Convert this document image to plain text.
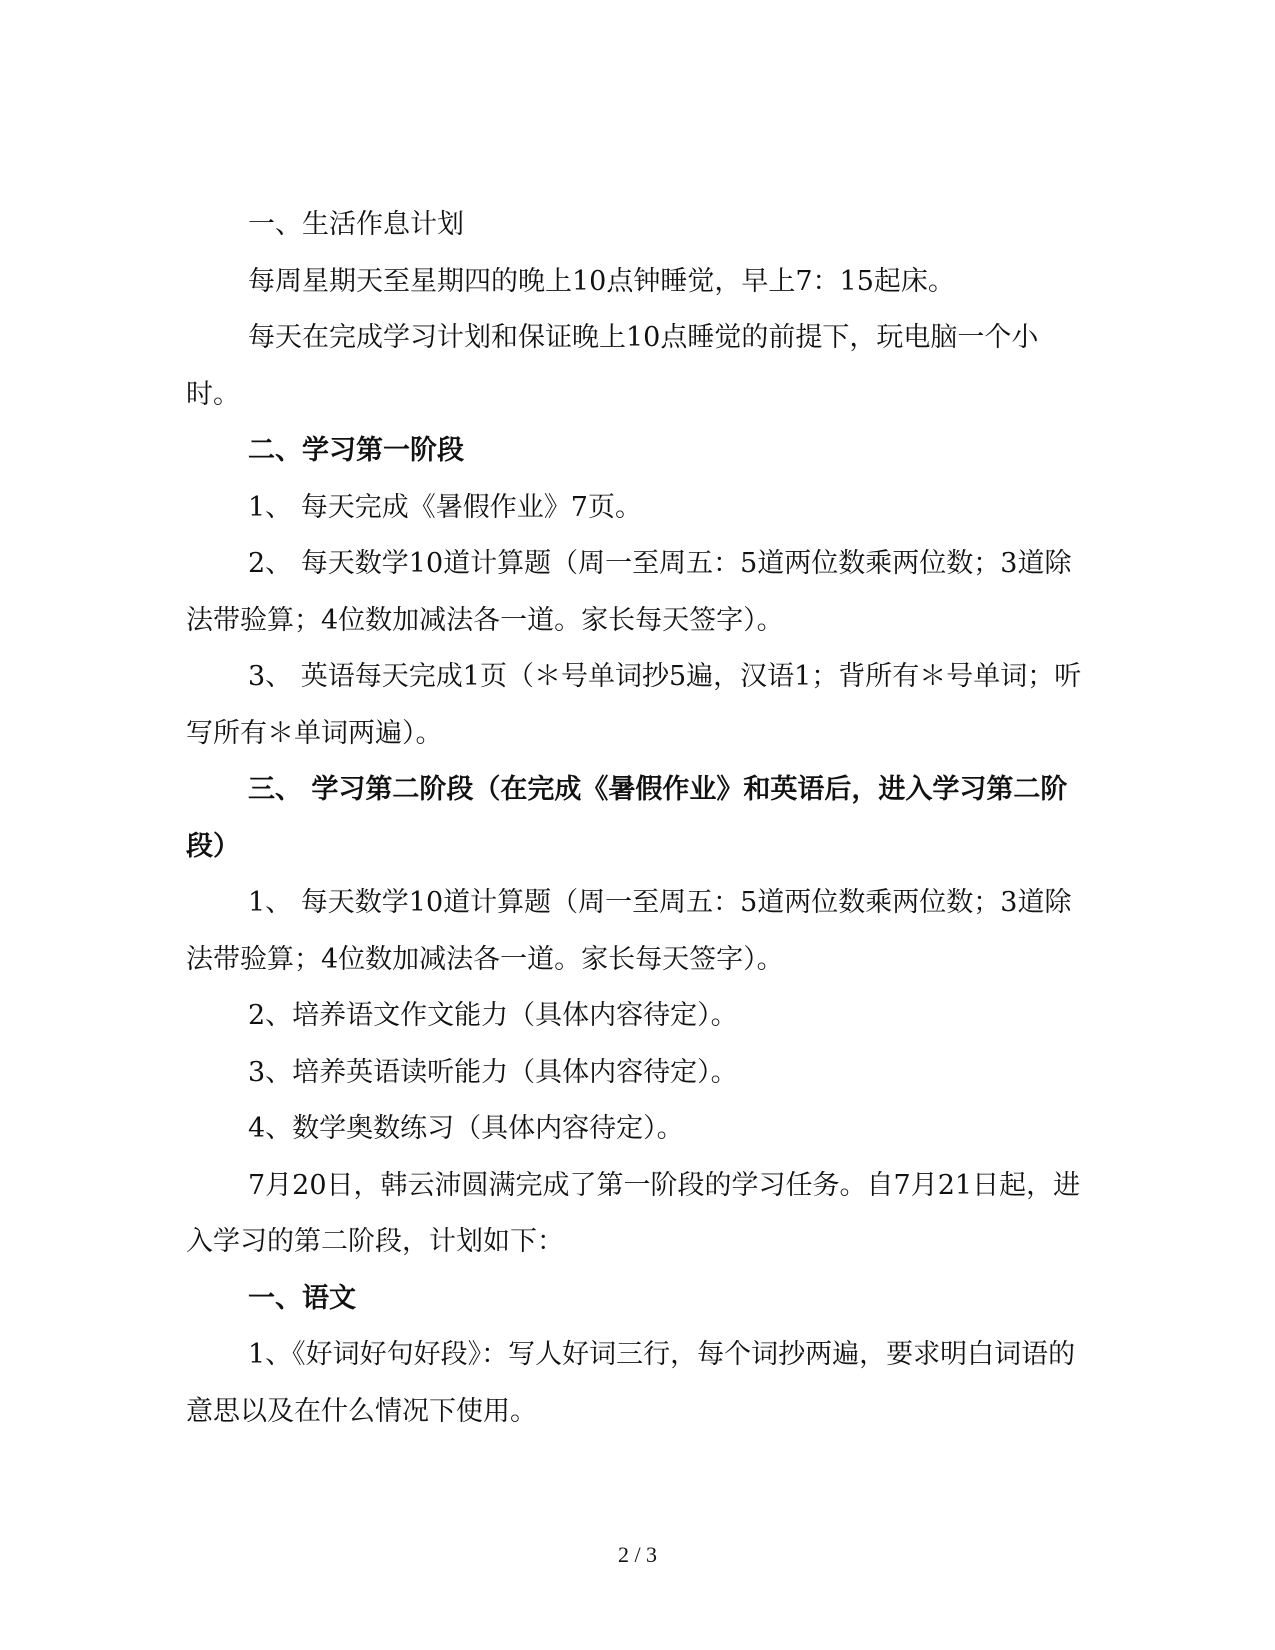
一、生活作息计划

每周星期天至星期四的晚上10点钟睡觉，早上7：15起床。

每天在完成学习计划和保证晚上10点睡觉的前提下，玩电脑一个小时。

二、学习第一阶段

1、 每天完成《暑假作业》7页。

2、 每天数学10道计算题（周一至周五：5道两位数乘两位数；3道除法带验算；4位数加减法各一道。家长每天签字）。

3、 英语每天完成1页（＊号单词抄5遍，汉语1；背所有＊号单词；听写所有＊单词两遍）。

三、 学习第二阶段（在完成《暑假作业》和英语后，进入学习第二阶段）

1、 每天数学10道计算题（周一至周五：5道两位数乘两位数；3道除法带验算；4位数加减法各一道。家长每天签字）。

2、培养语文作文能力（具体内容待定）。

3、培养英语读听能力（具体内容待定）。

4、数学奥数练习（具体内容待定）。

7月20日，韩云沛圆满完成了第一阶段的学习任务。自7月21日起，进入学习的第二阶段，计划如下：

一、语文

1、《好词好句好段》：写人好词三行，每个词抄两遍，要求明白词语的意思以及在什么情况下使用。

2 / 3
